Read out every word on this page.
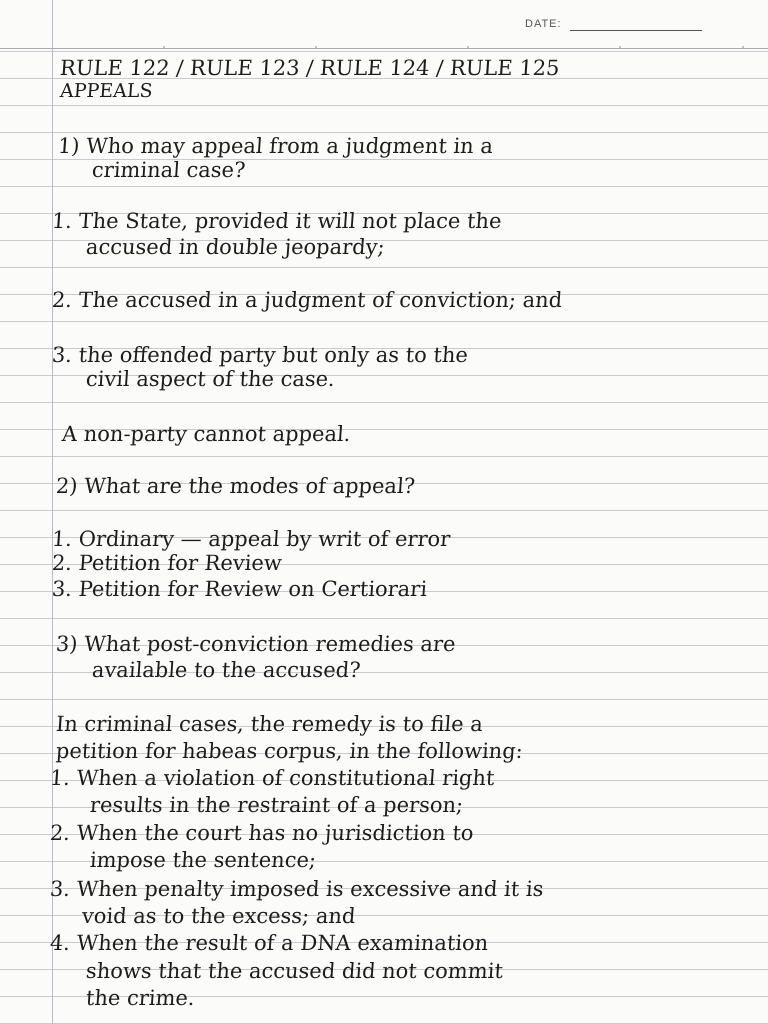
DATE:
RULE 122 / RULE 123 / RULE 124 / RULE 125
APPEALS
1) Who may appeal from a judgment in a
criminal case?
1. The State, provided it will not place the
accused in double jeopardy;
2. The accused in a judgment of conviction; and
3. the offended party but only as to the
civil aspect of the case.
A non-party cannot appeal.
2) What are the modes of appeal?
1. Ordinary — appeal by writ of error
2. Petition for Review
3. Petition for Review on Certiorari
3) What post-conviction remedies are
available to the accused?
In criminal cases, the remedy is to file a
petition for habeas corpus, in the following:
1. When a violation of constitutional right
results in the restraint of a person;
2. When the court has no jurisdiction to
impose the sentence;
3. When penalty imposed is excessive and it is
void as to the excess; and
4. When the result of a DNA examination
shows that the accused did not commit
the crime.
